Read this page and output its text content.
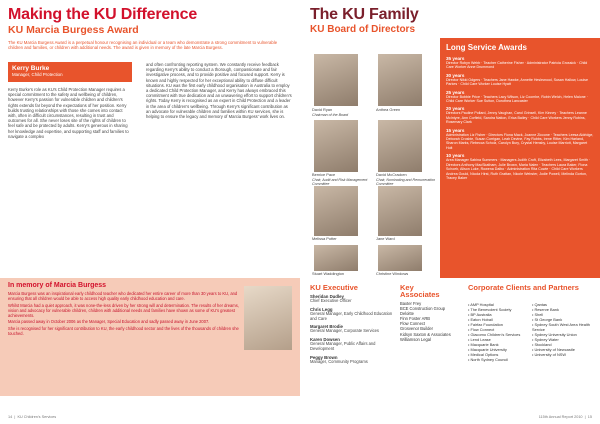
Making the KU Difference
KU Marcia Burgess Award

The KU Marcia Burgess Award is a perpetual honour recognising an individual or a team who demonstrate a strong commitment to vulnerable children and families, or children with additional needs. The award is given in memory of the late Marcia Burgess.

Kerry Burke
Manager, Child Protection

Kerry Burke's role as KU's Child Protection Manager requires a special commitment to the safety and wellbeing of children, however Kerry's passion for vulnerable children and children's rights extends far beyond the expectations of her position. Kerry builds trusting relationships with those she comes into contact with, often in difficult circumstances, resulting in trust and outcomes for all. She never loses site of the rights of children to feel safe and be protected by adults. Kerry's generous in sharing her knowledge and expertise, and supporting staff and families to navigate a complex

and often confronting reporting system. We constantly receive feedback regarding Kerry's ability to conduct a thorough, compassionate and fair investigative process, and to provide positive and focused support. Kerry is known and highly respected for her exceptional ability to diffuse difficult situations. KU was the first early childhood organisation in Australia to employ a dedicated Child Protection Manager, and Kerry has always embraced this commitment with true dedication and an unwavering effort to support children's rights. Today Kerry is recognised as an expert in Child Protection and a leader in the area of children's wellbeing. Through Kerry's significant contribution as an advocate for vulnerable children and families within KU services, she is helping to ensure the legacy and memory of Marcia Burgess' work lives on.

In memory of Marcia Burgess

Marcia Burgess was an inspirational early childhood teacher who dedicated her entire career of more than 30 years to KU, and ensuring that all children would be able to access high quality early childhood education and care.

Whilst Marcia had a quiet approach, it was none-the-less driven by her strong will and determination. The results of her dreams, vision and advocacy for vulnerable children, children with additional needs and families have shown as some of KU's greatest achievements.

Marcia passed away in October 2006 as the Manager, Special Education and sadly passed away in June 2007.

She is recognised for her significant contribution to KU, the early childhood sector and the lives of the thousands of children she touched.

14  |  KU Children's Services
The KU Family
KU Board of Directors
David Ryan
Chairman of the Board
Anthea Green
Bernice Pace
Chair, Audit and Risk Management Committee
David McCracken
Chair, Nominating and Remuneration Committee
Melissa Potter	Jane Ward
Stuart Waddington	Christine Windows
Long Service Awards
35 years
Director Robyn Webb · Teacher Catherine Fisher · Administrator Patricia Grossick · Child Care Worker Anne Drummond
30 years
Director Nikki Odgers · Teachers Jane Hawke, Annette Heslewood, Susan Hallow, Louise Parkes · Child Care Worker Louise Hyatt
25 years
Director Bobbie Price · Teachers Lacy Wilson, Liz Coombe, Robin Welch, Helen Malone · Child Care Worker Sue Sutton, Dorothea Lancaster
20 years
Directors Pauline Pollard, Jenny Vaughan, Carol Grinsell, Kim Kinney · Teachers Leanne McIntyre, Ann Corfield, Sandra Nation, Erica Bailey · Child Care Workers Jenny Robins, Rosemary Clark
15 years
Administration Liz Fisher · Directors Fiona Mack, Joanne Ziccone · Teachers Leesa Aldridge, Deborah Crosbie, Susan Corrigan, Leah Devine, Fay Robbs, Irene Ritter, Kim Harland, Sharon Marks, Rebecca Scholz, Carolyn Bury, Crystal Hensby, Louise Marriott, Margaret Holt
10 years
Area Manager Sabina Summers · Managers Judith Croft, Elizabeth Lees, Margaret Smith · Directors Anthony MacSkatham, Julie Brown, Maria Nalen · Teachers Laura Baker, Fiona Schoeb, Alison Luke, Rowena Dalbo · Administration Rita Cowie · Child Care Workers Andrea Gould, Nicola Hirst, Ruth Grattan, Nicole Webster, Jodie Powell, Melinda Gorton, Tracey Baker
KU Executive
Sheridan Dudley
Chief Executive Officer
Chris Legg
General Manager, Early Childhood Education and Care
Margaret Brodie
General Manager, Corporate Services
Karen Dowsen
General Manager, Public Affairs and Development
Peggy Brown
Manager, Community Programs
Key Associates
Baxter Frey
BCE Construction Group
Deloitte
Finn Foster ARB
Flow Connect
Grosvenor Builder
Kidsyn Saxton & Associates
Williamson Legal
Corporate Clients and Partners
• AMP Hospital
• The Benevolent Society
• BP Australia
• Eaton Hobail
• Fairfax Foundation
• Flow Connect
• Giacomo Children's Services
• Lend Lease
• Macquarie Bank
• Macquarie University
• Medical Options
• North Sydney Council
• Qantas
• Reserve Bank
• Shell
• St George Bank
• Sydney South West Area Health Service
• Sydney University Union
• Sydney Water
• Stockland
• University of Newcastle
• University of NSW
115th Annual Report 2010  |  15
